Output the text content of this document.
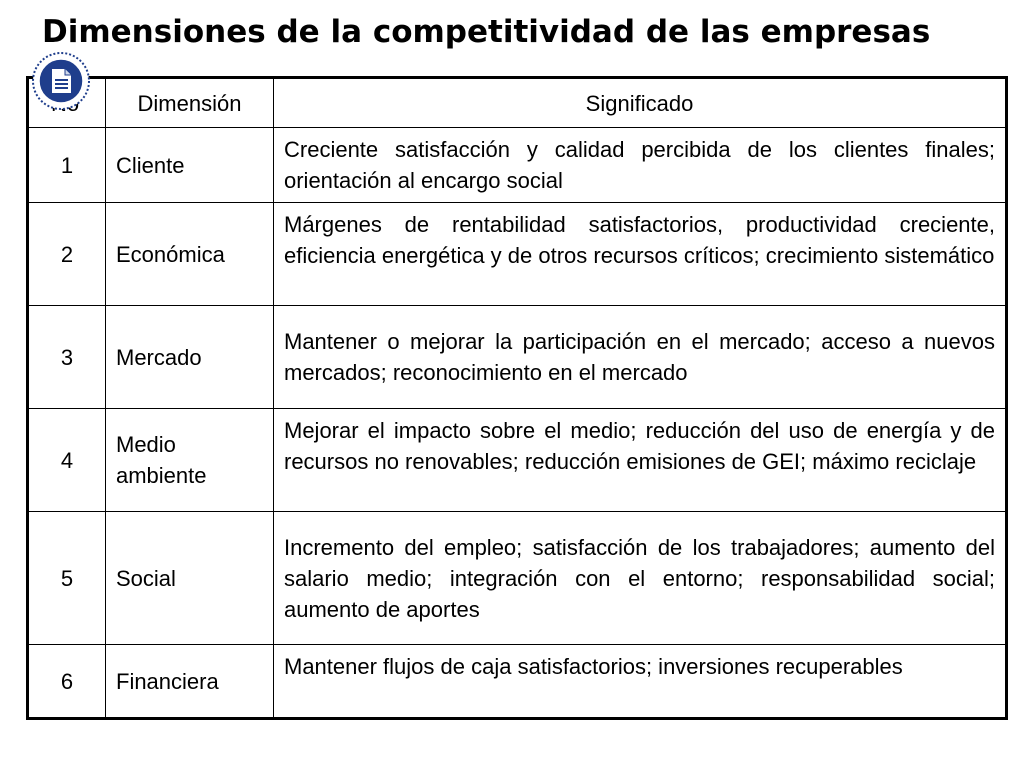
Dimensiones de la competitividad de las empresas
	Dimensión	Significado
1	Cliente	Creciente satisfacción y calidad percibida de los clientes finales; orientación al encargo social
2	Económica	Márgenes de rentabilidad satisfactorios, productividad creciente, eficiencia energética y de otros recursos críticos; crecimiento sistemático
3	Mercado	Mantener o mejorar la participación en el mercado; acceso a nuevos mercados; reconocimiento en el mercado
4	Medio ambiente	Mejorar el impacto sobre el medio; reducción del uso de energía y de recursos no renovables; reducción emisiones de GEI; máximo reciclaje
5	Social	Incremento del empleo; satisfacción de los trabajadores; aumento del salario medio; integración con el entorno; responsabilidad social; aumento de aportes
6	Financiera	Mantener flujos de caja satisfactorios; inversiones recuperables
